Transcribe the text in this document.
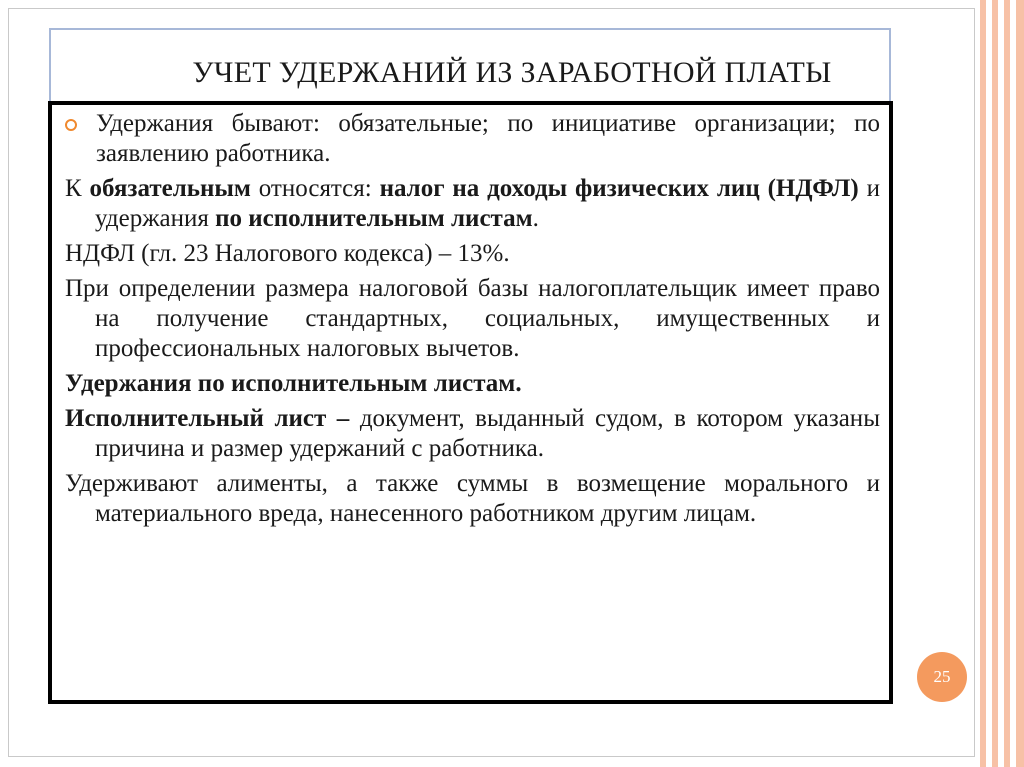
УЧЕТ УДЕРЖАНИЙ ИЗ ЗАРАБОТНОЙ ПЛАТЫ

Удержания бывают: обязательные; по инициативе организации; по заявлению работника.

К обязательным относятся: налог на доходы физических лиц (НДФЛ) и удержания по исполнительным листам.

НДФЛ (гл. 23 Налогового кодекса) – 13%.

При определении размера налоговой базы налогоплательщик имеет право на получение стандартных, социальных, имущественных и профессиональных налоговых вычетов.

Удержания по исполнительным листам.

Исполнительный лист – документ, выданный судом, в котором указаны причина и размер удержаний с работника.

Удерживают алименты, а также суммы в возмещение морального и материального вреда, нанесенного работником другим лицам.

25
